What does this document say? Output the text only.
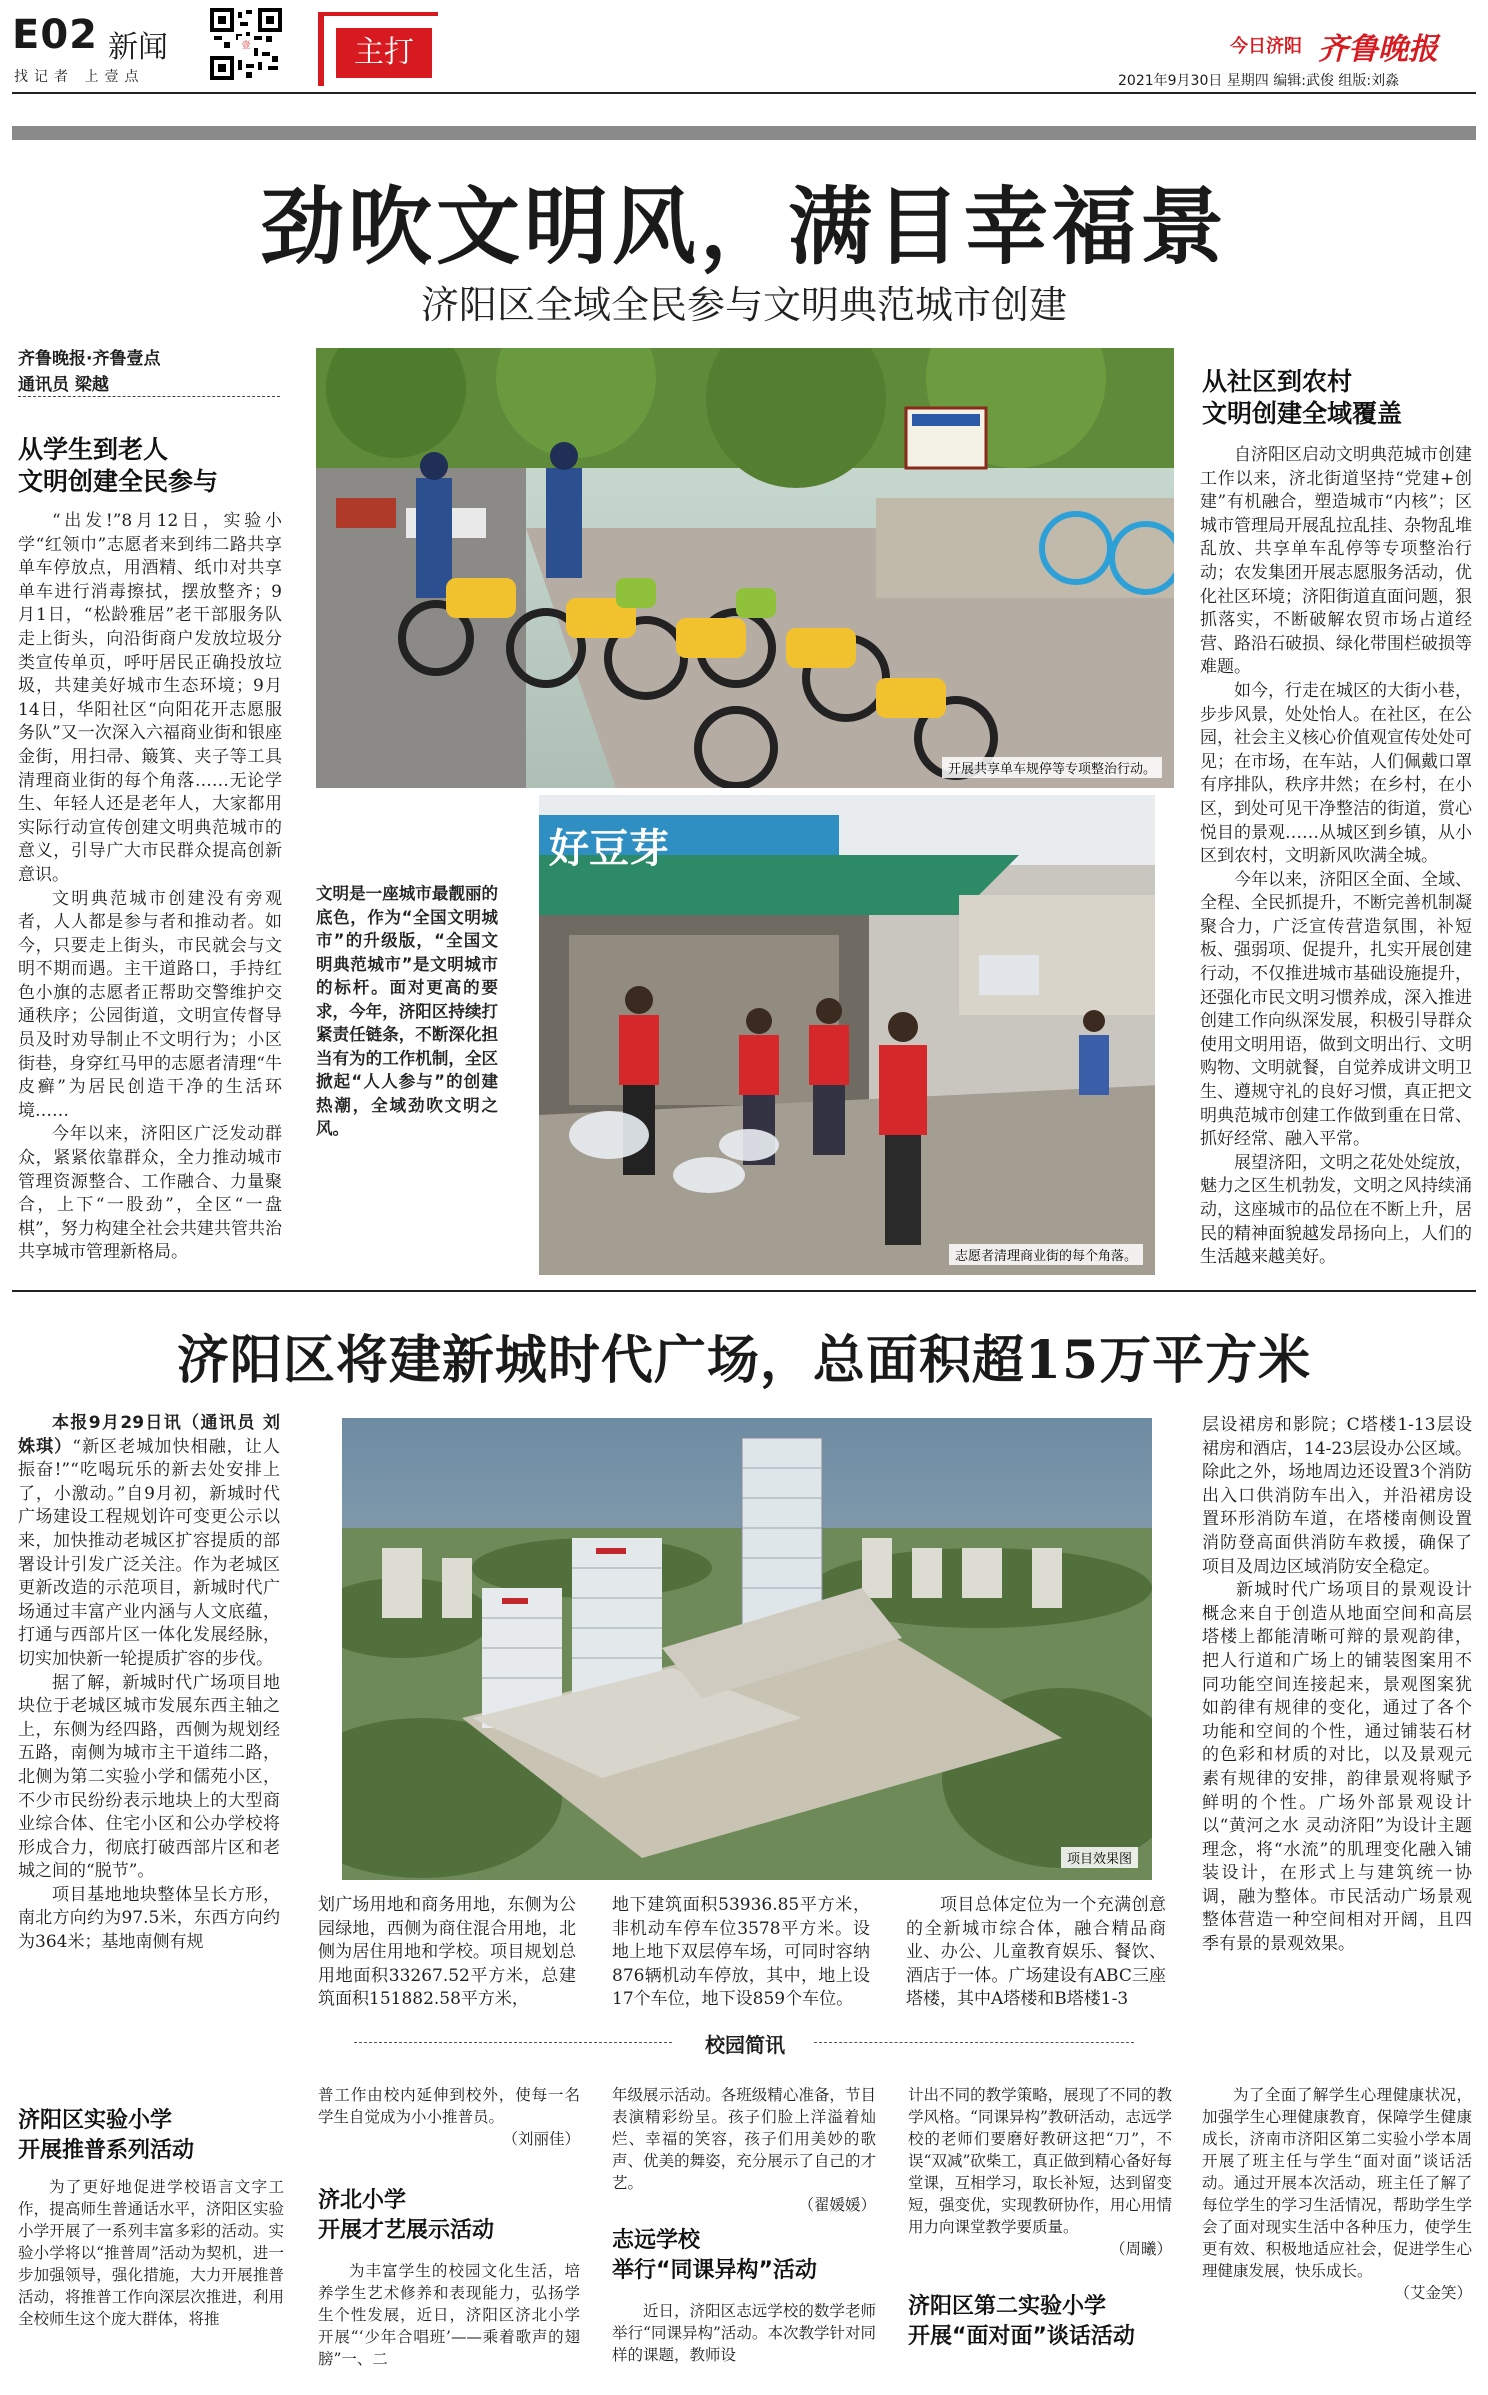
E02 新闻
找记者 上壹点
壹	主打	今日济阳 齐鲁晚报
2021年9月30日 星期四 编辑:武俊 组版:刘淼
劲吹文明风，满目幸福景
济阳区全域全民参与文明典范城市创建
齐鲁晚报·齐鲁壹点
通讯员 梁越
从学生到老人
文明创建全民参与

“出发!”8月12日，实验小学“红领巾”志愿者来到纬二路共享单车停放点，用酒精、纸巾对共享单车进行消毒擦拭，摆放整齐；9月1日，“松龄雅居”老干部服务队走上街头，向沿街商户发放垃圾分类宣传单页，呼吁居民正确投放垃圾，共建美好城市生态环境；9月14日，华阳社区“向阳花开志愿服务队”又一次深入六福商业街和银座金街，用扫帚、簸箕、夹子等工具清理商业街的每个角落……无论学生、年轻人还是老年人，大家都用实际行动宣传创建文明典范城市的意义，引导广大市民群众提高创新意识。

文明典范城市创建没有旁观者，人人都是参与者和推动者。如今，只要走上街头，市民就会与文明不期而遇。主干道路口，手持红色小旗的志愿者正帮助交警维护交通秩序；公园街道，文明宣传督导员及时劝导制止不文明行为；小区街巷，身穿红马甲的志愿者清理“牛皮癣”为居民创造干净的生活环境……

今年以来，济阳区广泛发动群众，紧紧依靠群众，全力推动城市管理资源整合、工作融合、力量聚合，上下“一股劲”，全区“一盘棋”，努力构建全社会共建共管共治共享城市管理新格局。

开展共享单车规停等专项整治行动。
好豆芽
志愿者清理商业街的每个角落。
文明是一座城市最靓丽的底色，作为“全国文明城市”的升级版，“全国文明典范城市”是文明城市的标杆。面对更高的要求，今年，济阳区持续打紧责任链条，不断深化担当有为的工作机制，全区掀起“人人参与”的创建热潮，全域劲吹文明之风。
从社区到农村
文明创建全域覆盖

自济阳区启动文明典范城市创建工作以来，济北街道坚持“党建+创建”有机融合，塑造城市“内核”；区城市管理局开展乱拉乱挂、杂物乱堆乱放、共享单车乱停等专项整治行动；农发集团开展志愿服务活动，优化社区环境；济阳街道直面问题，狠抓落实，不断破解农贸市场占道经营、路沿石破损、绿化带围栏破损等难题。

如今，行走在城区的大街小巷，步步风景，处处怡人。在社区，在公园，社会主义核心价值观宣传处处可见；在市场，在车站，人们佩戴口罩有序排队，秩序井然；在乡村，在小区，到处可见干净整洁的街道，赏心悦目的景观……从城区到乡镇，从小区到农村，文明新风吹满全城。

今年以来，济阳区全面、全域、全程、全民抓提升，不断完善机制凝聚合力，广泛宣传营造氛围，补短板、强弱项、促提升，扎实开展创建行动，不仅推进城市基础设施提升，还强化市民文明习惯养成，深入推进创建工作向纵深发展，积极引导群众使用文明用语，做到文明出行、文明购物、文明就餐，自觉养成讲文明卫生、遵规守礼的良好习惯，真正把文明典范城市创建工作做到重在日常、抓好经常、融入平常。

展望济阳，文明之花处处绽放，魅力之区生机勃发，文明之风持续涌动，这座城市的品位在不断上升，居民的精神面貌越发昂扬向上，人们的生活越来越美好。

济阳区将建新城时代广场，总面积超15万平方米

本报9月29日讯（通讯员 刘姝琪）“新区老城加快相融，让人振奋!”“吃喝玩乐的新去处安排上了，小激动。”自9月初，新城时代广场建设工程规划许可变更公示以来，加快推动老城区扩容提质的部署设计引发广泛关注。作为老城区更新改造的示范项目，新城时代广场通过丰富产业内涵与人文底蕴，打通与西部片区一体化发展经脉，切实加快新一轮提质扩容的步伐。

据了解，新城时代广场项目地块位于老城区城市发展东西主轴之上，东侧为经四路，西侧为规划经五路，南侧为城市主干道纬二路，北侧为第二实验小学和儒苑小区，不少市民纷纷表示地块上的大型商业综合体、住宅小区和公办学校将形成合力，彻底打破西部片区和老城之间的“脱节”。

项目基地地块整体呈长方形，南北方向约为97.5米，东西方向约为364米；基地南侧有规

项目效果图

划广场用地和商务用地，东侧为公园绿地，西侧为商住混合用地，北侧为居住用地和学校。项目规划总用地面积33267.52平方米，总建筑面积151882.58平方米，

地下建筑面积53936.85平方米，非机动车停车位3578平方米。设地上地下双层停车场，可同时容纳876辆机动车停放，其中，地上设17个车位，地下设859个车位。

项目总体定位为一个充满创意的全新城市综合体，融合精品商业、办公、儿童教育娱乐、餐饮、酒店于一体。广场建设有ABC三座塔楼，其中A塔楼和B塔楼1-3

层设裙房和影院；C塔楼1-13层设裙房和酒店，14-23层设办公区域。除此之外，场地周边还设置3个消防出入口供消防车出入，并沿裙房设置环形消防车道，在塔楼南侧设置消防登高面供消防车救援，确保了项目及周边区域消防安全稳定。

新城时代广场项目的景观设计概念来自于创造从地面空间和高层塔楼上都能清晰可辩的景观韵律，把人行道和广场上的铺装图案用不同功能空间连接起来，景观图案犹如韵律有规律的变化，通过了各个功能和空间的个性，通过铺装石材的色彩和材质的对比，以及景观元素有规律的安排，韵律景观将赋予鲜明的个性。广场外部景观设计以“黄河之水 灵动济阳”为设计主题理念，将“水流”的肌理变化融入铺装设计，在形式上与建筑统一协调，融为整体。市民活动广场景观整体营造一种空间相对开阔，且四季有景的景观效果。

校园简讯
济阳区实验小学
开展推普系列活动

为了更好地促进学校语言文字工作，提高师生普通话水平，济阳区实验小学开展了一系列丰富多彩的活动。实验小学将以“推普周”活动为契机，进一步加强领导，强化措施，大力开展推普活动，将推普工作向深层次推进，利用全校师生这个庞大群体，将推

普工作由校内延伸到校外，使每一名学生自觉成为小小推普员。

（刘丽佳）
济北小学
开展才艺展示活动

为丰富学生的校园文化生活，培养学生艺术修养和表现能力，弘扬学生个性发展，近日，济阳区济北小学开展“‘少年合唱班’——乘着歌声的翅膀”一、二

年级展示活动。各班级精心准备，节目表演精彩纷呈。孩子们脸上洋溢着灿烂、幸福的笑容，孩子们用美妙的歌声、优美的舞姿，充分展示了自己的才艺。

（翟媛媛）
志远学校
举行“同课异构”活动

近日，济阳区志远学校的数学老师举行“同课异构”活动。本次教学针对同样的课题，教师设

计出不同的教学策略，展现了不同的教学风格。“同课异构”教研活动，志远学校的老师们要磨好教研这把“刀”，不误“双减”砍柴工，真正做到精心备好每堂课，互相学习，取长补短，达到留变短，强变优，实现教研协作，用心用情用力向课堂教学要质量。

（周曦）
济阳区第二实验小学
开展“面对面”谈话活动

为了全面了解学生心理健康状况，加强学生心理健康教育，保障学生健康成长，济南市济阳区第二实验小学本周开展了班主任与学生“面对面”谈话活动。通过开展本次活动，班主任了解了每位学生的学习生活情况，帮助学生学会了面对现实生活中各种压力，使学生更有效、积极地适应社会，促进学生心理健康发展，快乐成长。

（艾金笑）
